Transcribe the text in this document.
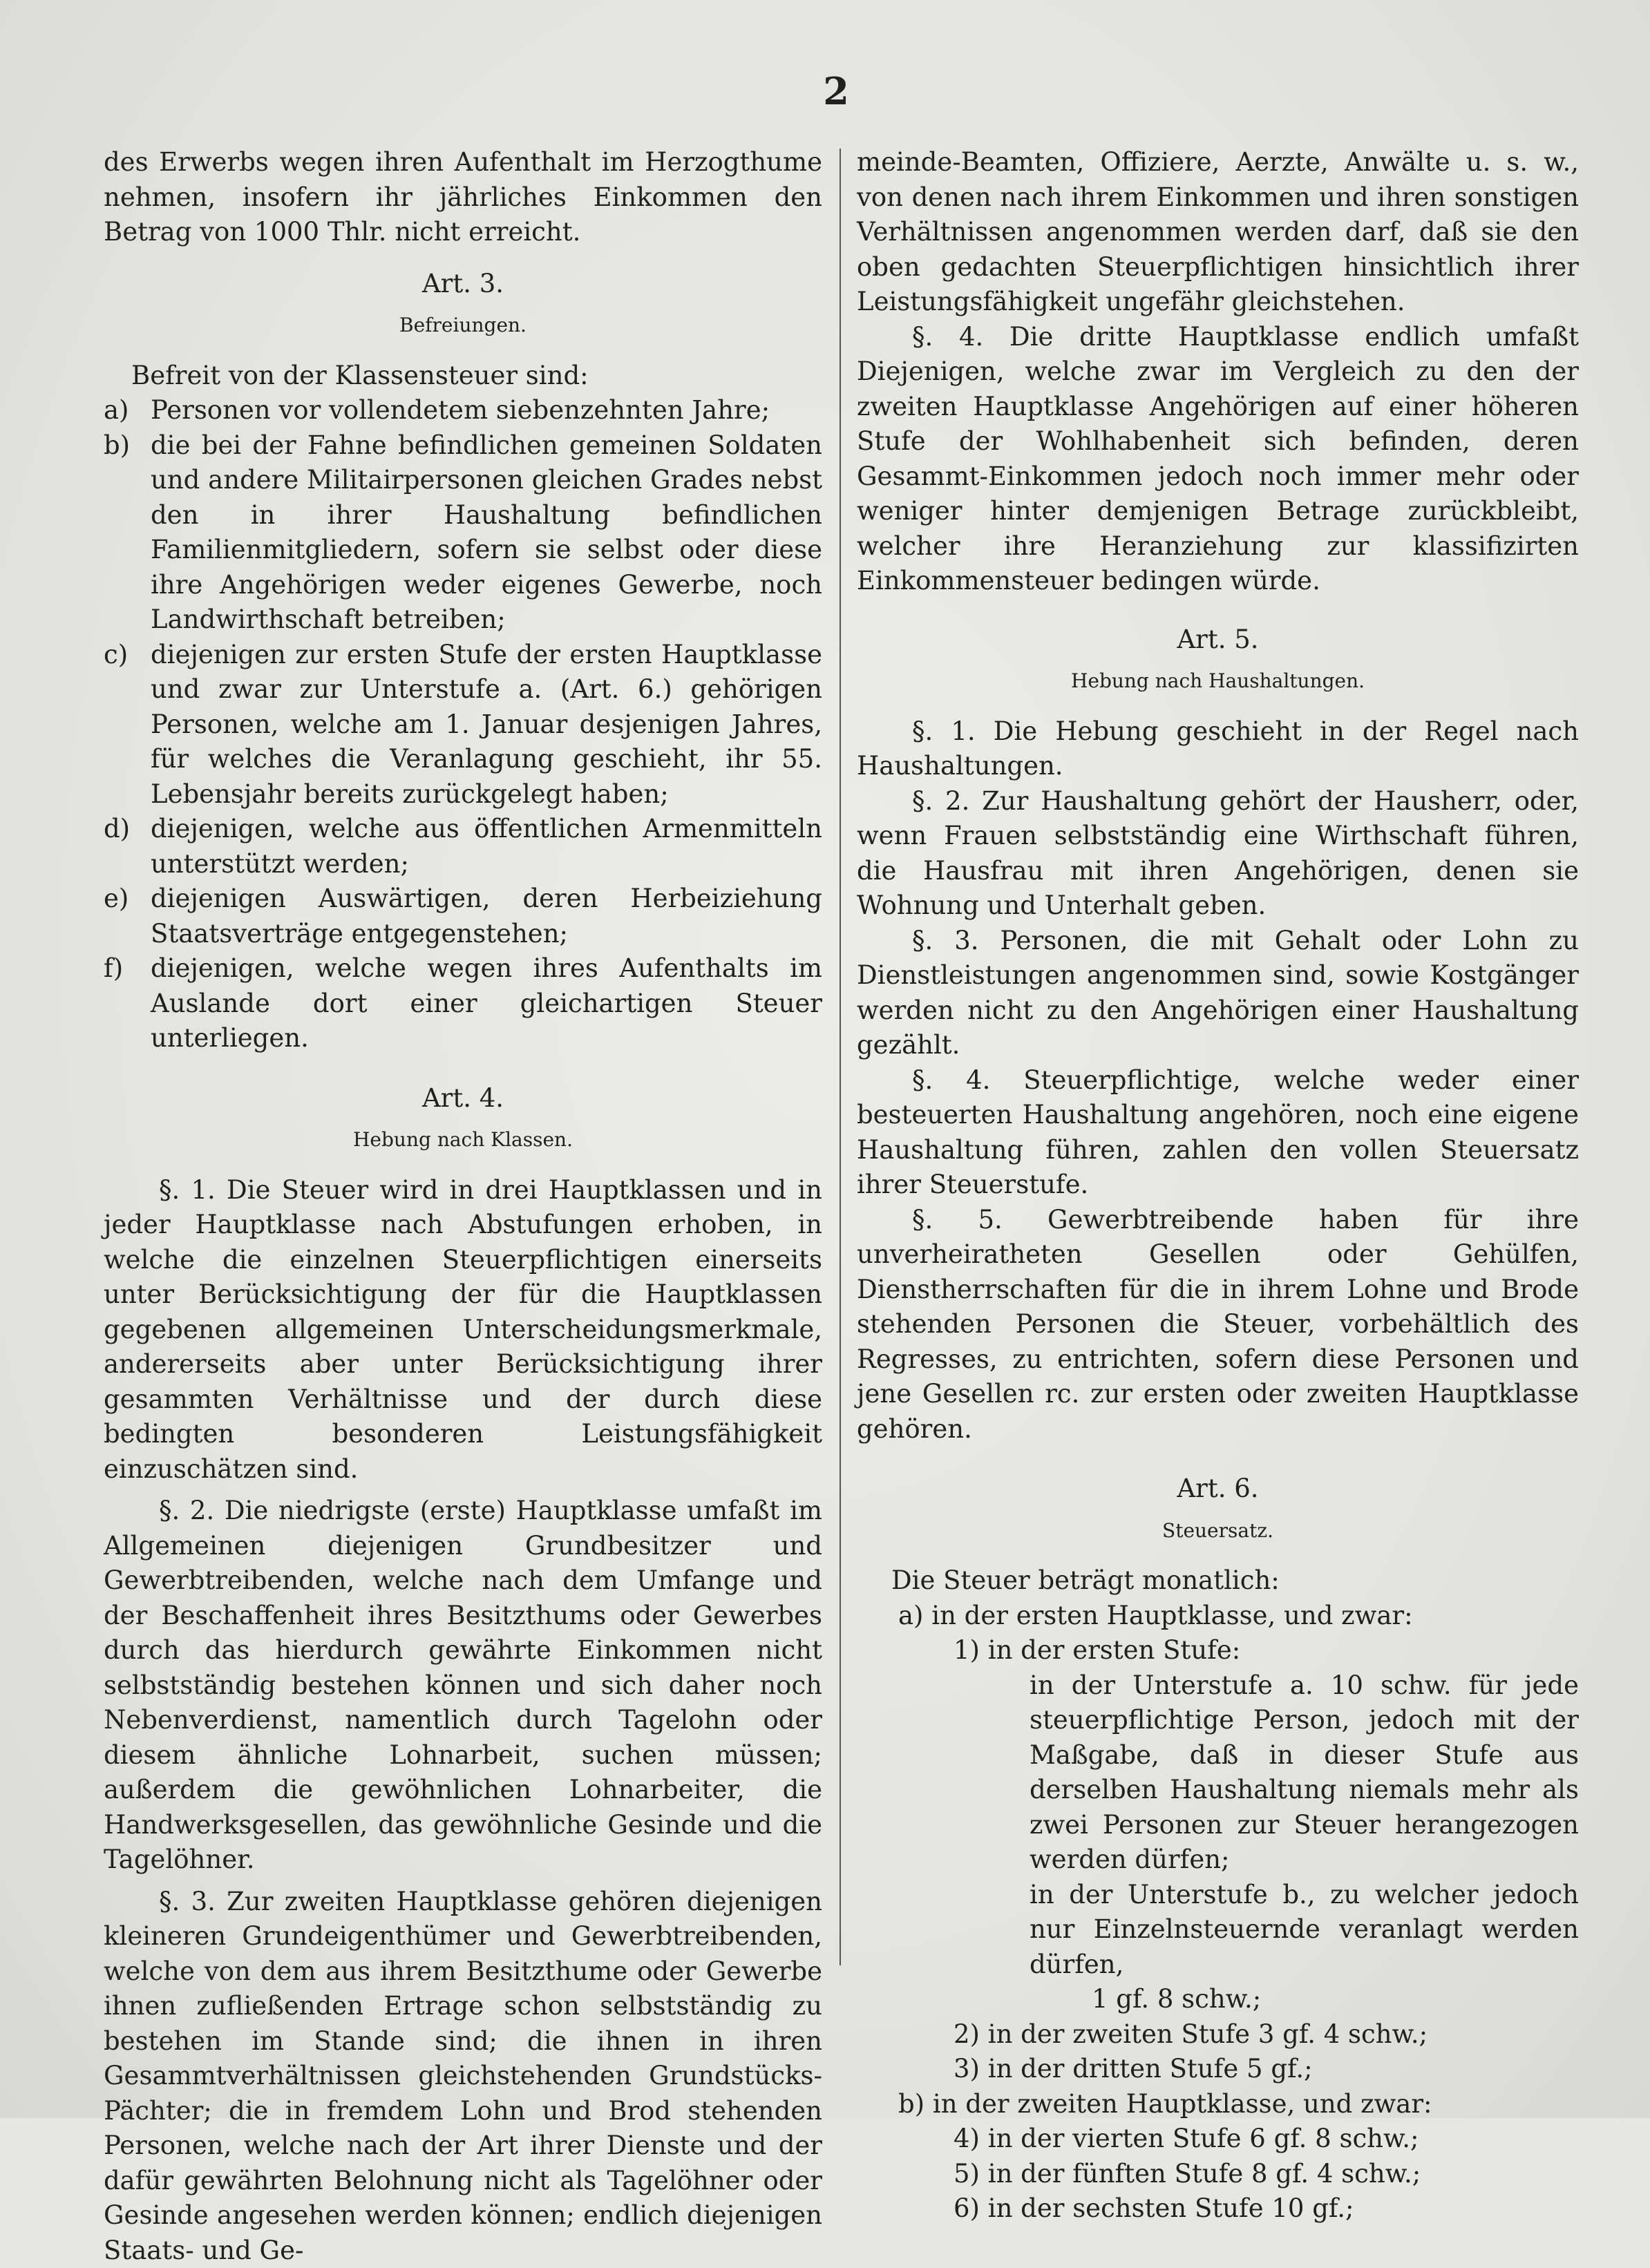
2

des Erwerbs wegen ihren Aufenthalt im Herzogthume nehmen, insofern ihr jährliches Einkommen den Betrag von 1000 Thlr. nicht erreicht.

Art. 3.
Befreiungen.

Befreit von der Klassensteuer sind:

a) Personen vor vollendetem siebenzehnten Jahre;
b) die bei der Fahne befindlichen gemeinen Soldaten und andere Militairpersonen gleichen Grades nebst den in ihrer Haushaltung befindlichen Familienmitgliedern, sofern sie selbst oder diese ihre Angehörigen weder eigenes Gewerbe, noch Landwirthschaft betreiben;
c) diejenigen zur ersten Stufe der ersten Hauptklasse und zwar zur Unterstufe a. (Art. 6.) gehörigen Personen, welche am 1. Januar desjenigen Jahres, für welches die Veranlagung geschieht, ihr 55. Lebensjahr bereits zurückgelegt haben;
d) diejenigen, welche aus öffentlichen Armenmitteln unterstützt werden;
e) diejenigen Auswärtigen, deren Herbeiziehung Staatsverträge entgegenstehen;
f)	diejenigen, welche wegen ihres Aufenthalts im Auslande dort einer gleichartigen Steuer unterliegen.
Art. 4.
Hebung nach Klassen.

§. 1. Die Steuer wird in drei Hauptklassen und in jeder Hauptklasse nach Abstufungen erhoben, in welche die einzelnen Steuerpflichtigen einerseits unter Berücksichtigung der für die Hauptklassen gegebenen allgemeinen Unterscheidungsmerkmale, andererseits aber unter Berücksichtigung ihrer gesammten Verhältnisse und der durch diese bedingten besonderen Leistungsfähigkeit einzuschätzen sind.

§. 2. Die niedrigste (erste) Hauptklasse umfaßt im Allgemeinen diejenigen Grundbesitzer und Gewerbtreibenden, welche nach dem Umfange und der Beschaffenheit ihres Besitzthums oder Gewerbes durch das hierdurch gewährte Einkommen nicht selbstständig bestehen können und sich daher noch Nebenverdienst, namentlich durch Tagelohn oder diesem ähnliche Lohnarbeit, suchen müssen; außerdem die gewöhnlichen Lohnarbeiter, die Handwerksgesellen, das gewöhnliche Gesinde und die Tagelöhner.

§. 3. Zur zweiten Hauptklasse gehören diejenigen kleineren Grundeigenthümer und Gewerbtreibenden, welche von dem aus ihrem Besitzthume oder Gewerbe ihnen zufließenden Ertrage schon selbstständig zu bestehen im Stande sind; die ihnen in ihren Gesammtverhältnissen gleichstehenden Grundstücks-Pächter; die in fremdem Lohn und Brod stehenden Personen, welche nach der Art ihrer Dienste und der dafür gewährten Belohnung nicht als Tagelöhner oder Gesinde angesehen werden können; endlich diejenigen Staats- und Ge-

meinde-Beamten, Offiziere, Aerzte, Anwälte u. s. w., von denen nach ihrem Einkommen und ihren sonstigen Verhältnissen angenommen werden darf, daß sie den oben gedachten Steuerpflichtigen hinsichtlich ihrer Leistungsfähigkeit ungefähr gleichstehen.

§. 4. Die dritte Hauptklasse endlich umfaßt Diejenigen, welche zwar im Vergleich zu den der zweiten Hauptklasse Angehörigen auf einer höheren Stufe der Wohlhabenheit sich befinden, deren Gesammt-Einkommen jedoch noch immer mehr oder weniger hinter demjenigen Betrage zurückbleibt, welcher ihre Heranziehung zur klassifizirten Einkommensteuer bedingen würde.

Art. 5.
Hebung nach Haushaltungen.

§. 1. Die Hebung geschieht in der Regel nach Haushaltungen.

§. 2. Zur Haushaltung gehört der Hausherr, oder, wenn Frauen selbstständig eine Wirthschaft führen, die Hausfrau mit ihren Angehörigen, denen sie Wohnung und Unterhalt geben.

§. 3. Personen, die mit Gehalt oder Lohn zu Dienstleistungen angenommen sind, sowie Kostgänger werden nicht zu den Angehörigen einer Haushaltung gezählt.

§. 4. Steuerpflichtige, welche weder einer besteuerten Haushaltung angehören, noch eine eigene Haushaltung führen, zahlen den vollen Steuersatz ihrer Steuerstufe.

§. 5. Gewerbtreibende haben für ihre unverheiratheten Gesellen oder Gehülfen, Dienstherrschaften für die in ihrem Lohne und Brode stehenden Personen die Steuer, vorbehältlich des Regresses, zu entrichten, sofern diese Personen und jene Gesellen rc. zur ersten oder zweiten Hauptklasse gehören.

Art. 6.
Steuersatz.
Die Steuer beträgt monatlich:
a) in der ersten Hauptklasse, und zwar:
1) in der ersten Stufe:
in der Unterstufe a. 10 schw. für jede steuerpflichtige Person, jedoch mit der Maßgabe, daß in dieser Stufe aus derselben Haushaltung niemals mehr als zwei Personen zur Steuer herangezogen werden dürfen;
in der Unterstufe b., zu welcher jedoch nur Einzelnsteuernde veranlagt werden dürfen,
1 gf. 8 schw.;
2) in der zweiten Stufe 3 gf. 4 schw.;
3) in der dritten Stufe 5 gf.;
b) in der zweiten Hauptklasse, und zwar:
4) in der vierten Stufe 6 gf. 8 schw.;
5) in der fünften Stufe 8 gf. 4 schw.;
6) in der sechsten Stufe 10 gf.;
